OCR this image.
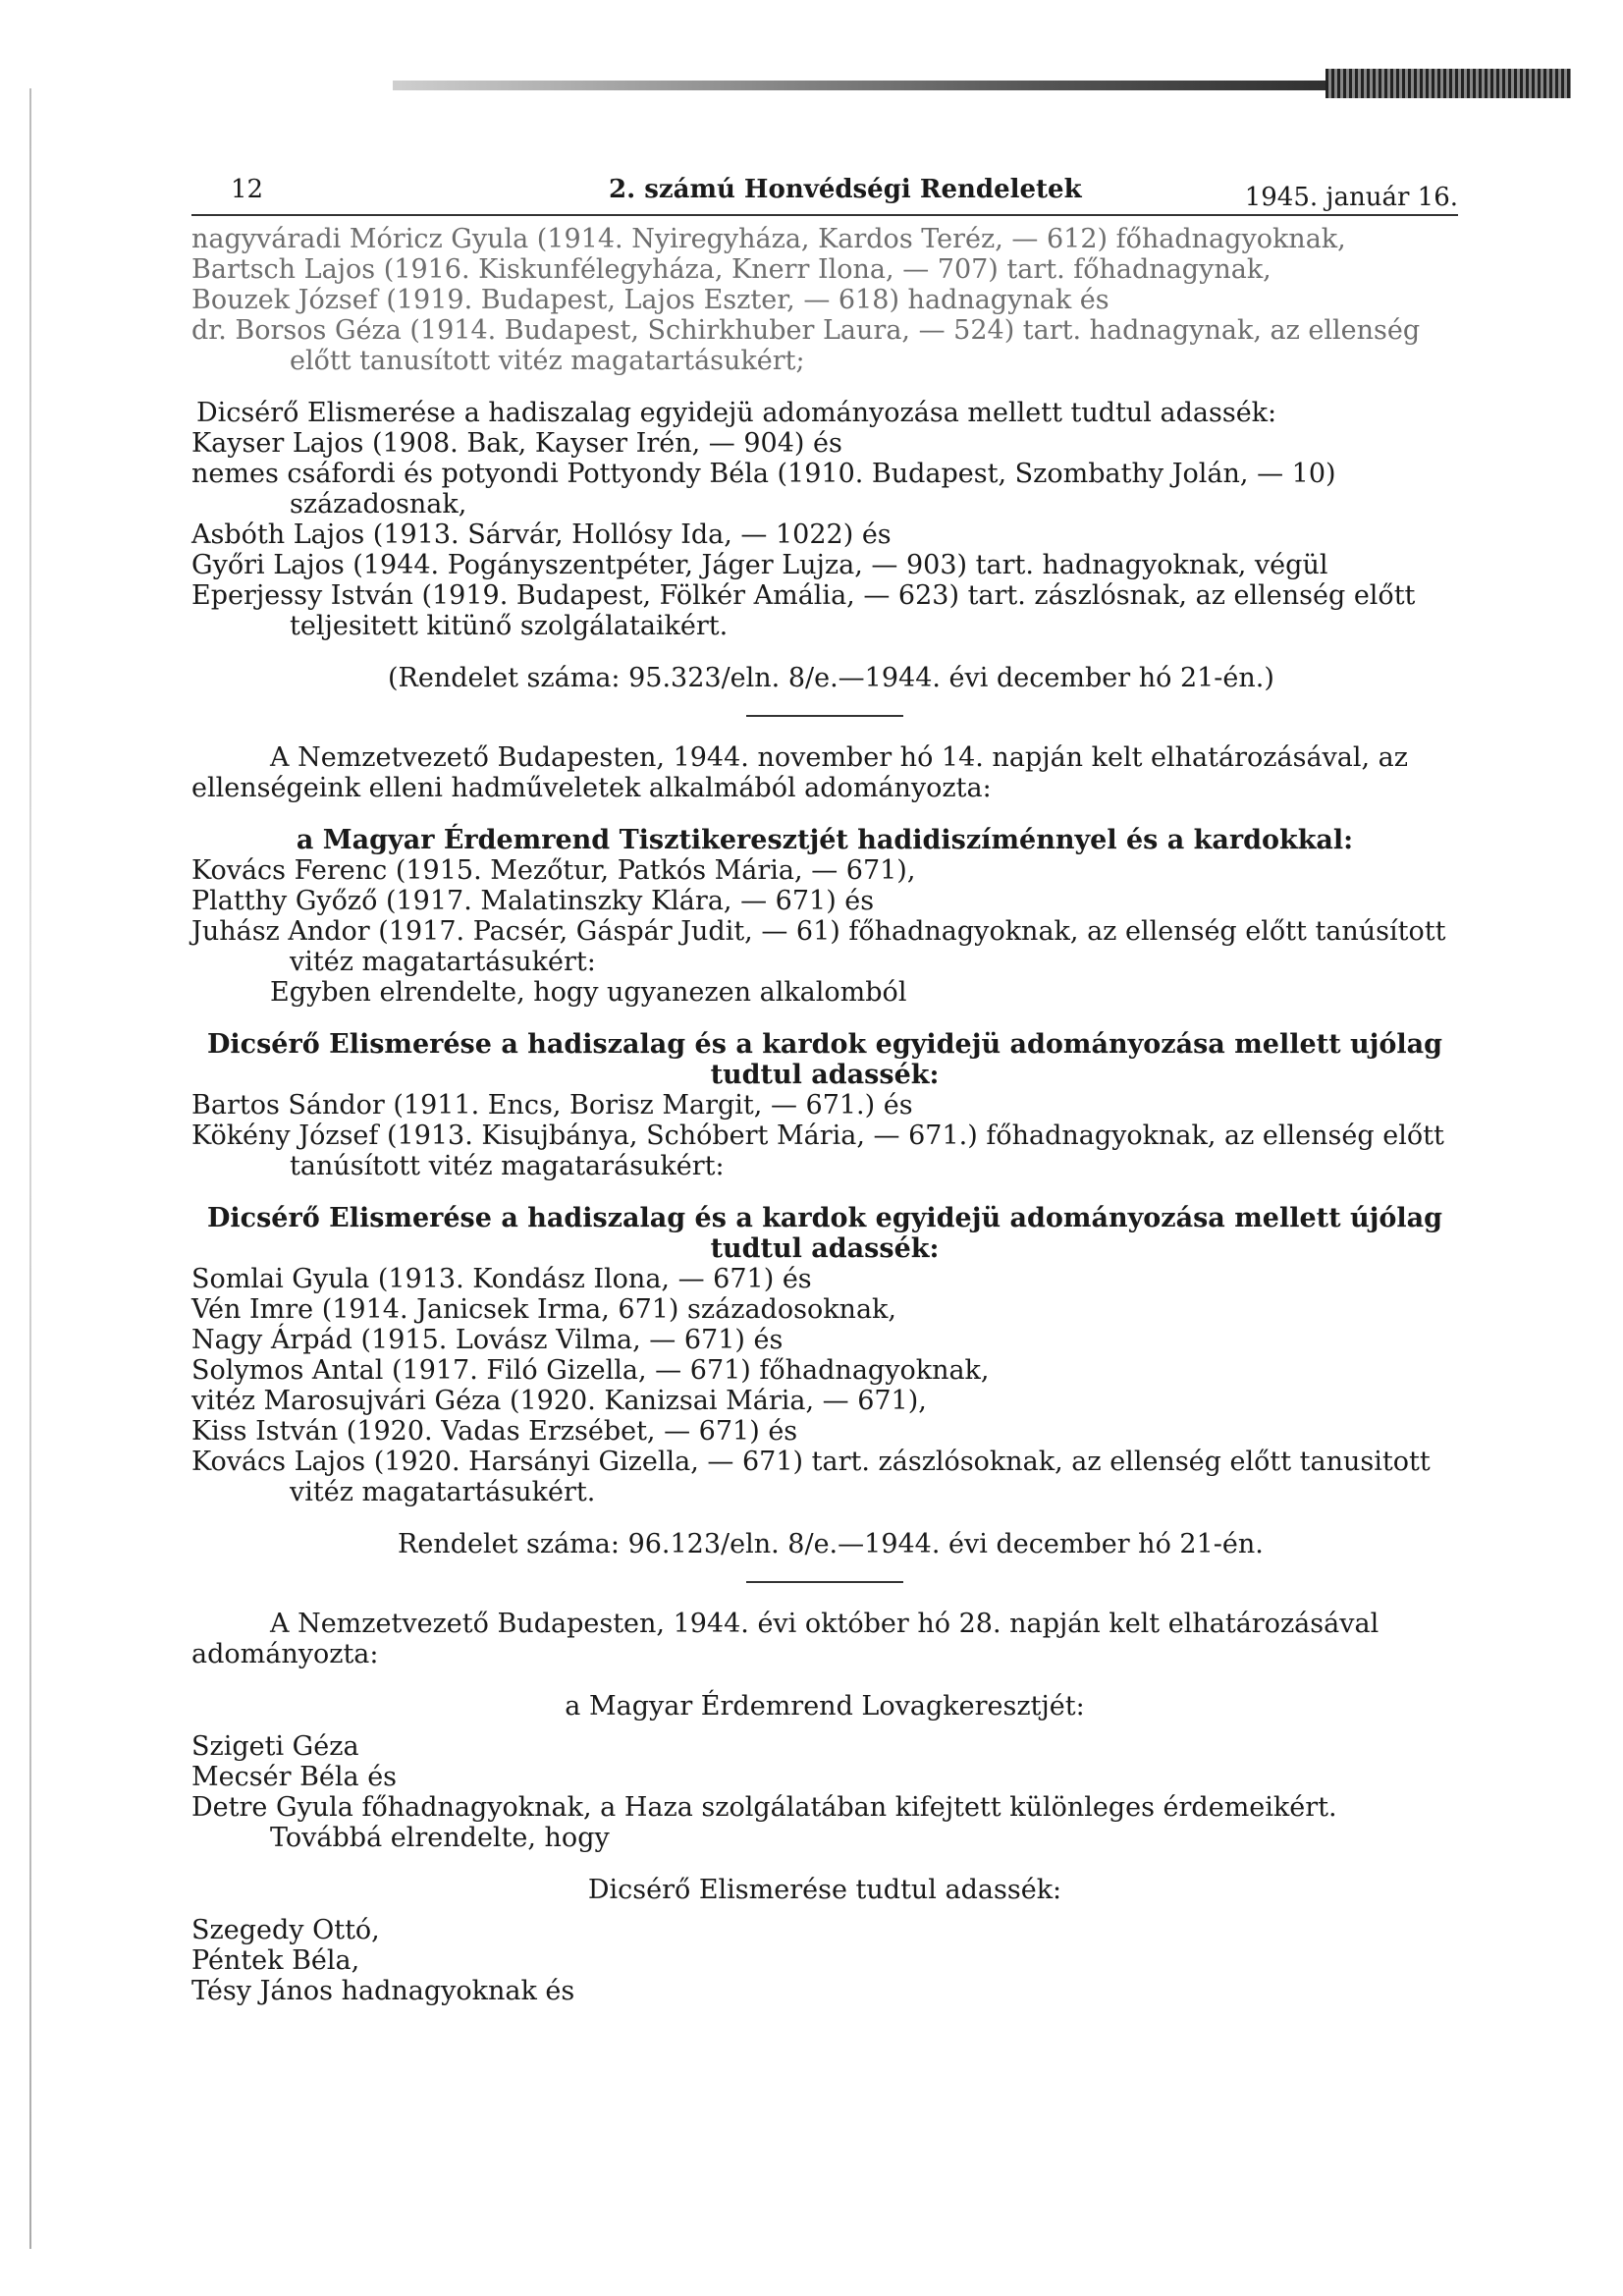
12	2. számú Honvédségi Rendeletek	1945. január 16.

nagyváradi Móricz Gyula (1914. Nyiregyháza, Kardos Teréz, — 612) főhadnagyoknak,

Bartsch Lajos (1916. Kiskunfélegyháza, Knerr Ilona, — 707) tart. főhadnagynak,

Bouzek József (1919. Budapest, Lajos Eszter, — 618) hadnagynak és

dr. Borsos Géza (1914. Budapest, Schirkhuber Laura, — 524) tart. hadnagynak, az ellenség előtt tanusított vitéz magatartásukért;

Dicsérő Elismerése a hadiszalag egyidejü adományozása mellett tudtul adassék:

Kayser Lajos (1908. Bak, Kayser Irén, — 904) és

nemes csáfordi és potyondi Pottyondy Béla (1910. Budapest, Szombathy Jolán, — 10) századosnak,

Asbóth Lajos (1913. Sárvár, Hollósy Ida, — 1022) és

Győri Lajos (1944. Pogányszentpéter, Jáger Lujza, — 903) tart. hadnagyoknak, végül

Eperjessy István (1919. Budapest, Fölkér Amália, — 623) tart. zászlósnak, az ellenség előtt teljesitett kitünő szolgálataikért.

(Rendelet száma: 95.323/eln. 8/e.—1944. évi december hó 21-én.)

A Nemzetvezető Budapesten, 1944. november hó 14. napján kelt elhatározásával, az ellenségeink elleni hadműveletek alkalmából adományozta:

a Magyar Érdemrend Tisztikeresztjét hadidiszíménnyel és a kardokkal:

Kovács Ferenc (1915. Mezőtur, Patkós Mária, — 671),

Platthy Győző (1917. Malatinszky Klára, — 671) és

Juhász Andor (1917. Pacsér, Gáspár Judit, — 61) főhadnagyoknak, az ellenség előtt tanúsított vitéz magatartásukért:

Egyben elrendelte, hogy ugyanezen alkalomból

Dicsérő Elismerése a hadiszalag és a kardok egyidejü adományozása mellett ujólag tudtul adassék:

Bartos Sándor (1911. Encs, Borisz Margit, — 671.) és

Kökény József (1913. Kisujbánya, Schóbert Mária, — 671.) főhadnagyoknak, az ellenség előtt tanúsított vitéz magatarásukért:

Dicsérő Elismerése a hadiszalag és a kardok egyidejü adományozása mellett újólag tudtul adassék:

Somlai Gyula (1913. Kondász Ilona, — 671) és

Vén Imre (1914. Janicsek Irma, 671) századosoknak,

Nagy Árpád (1915. Lovász Vilma, — 671) és

Solymos Antal (1917. Filó Gizella, — 671) főhadnagyoknak,

vitéz Marosujvári Géza (1920. Kanizsai Mária, — 671),

Kiss István (1920. Vadas Erzsébet, — 671) és

Kovács Lajos (1920. Harsányi Gizella, — 671) tart. zászlósoknak, az ellenség előtt tanusitott vitéz magatartásukért.

Rendelet száma: 96.123/eln. 8/e.—1944. évi december hó 21-én.

A Nemzetvezető Budapesten, 1944. évi október hó 28. napján kelt elhatározásával adományozta:

a Magyar Érdemrend Lovagkeresztjét:

Szigeti Géza

Mecsér Béla és

Detre Gyula főhadnagyoknak, a Haza szolgálatában kifejtett különleges érdemeikért.

Továbbá elrendelte, hogy

Dicsérő Elismerése tudtul adassék:

Szegedy Ottó,

Péntek Béla,

Tésy János hadnagyoknak és
